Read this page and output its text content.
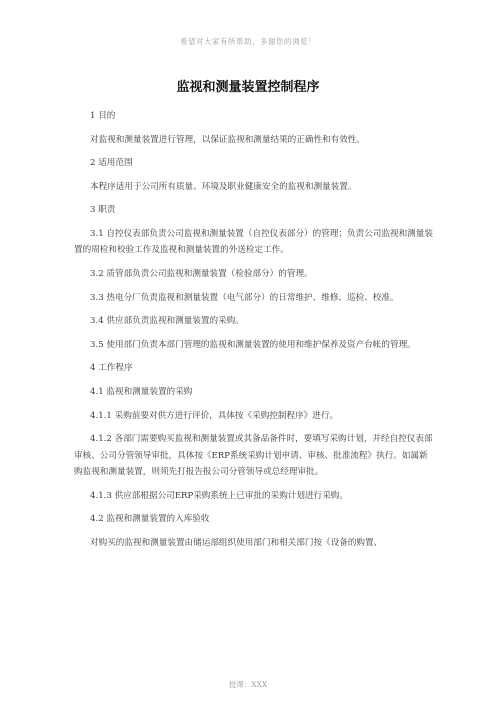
希望对大家有所帮助，多谢您的浏览！
监视和测量装置控制程序

1 目的

对监视和测量装置进行管理，以保证监视和测量结果的正确性和有效性。

2 适用范围

本程序适用于公司所有质量、环境及职业健康安全的监视和测量装置。

3 职责

3.1 自控仪表部负责公司监视和测量装置（自控仪表部分）的管理；负责公司监视和测量装置的周检和校验工作及监视和测量装置的外送检定工作。

3.2 质管部负责公司监视和测量装置（检验部分）的管理。

3.3 热电分厂负责监视和测量装置（电气部分）的日常维护、维修、巡检、校准。

3.4 供应部负责监视和测量装置的采购。

3.5 使用部门负责本部门管理的监视和测量装置的使用和维护保养及资产台帐的管理。

4 工作程序

4.1 监视和测量装置的采购

4.1.1 采购前要对供方进行评价，具体按《采购控制程序》进行。

4.1.2 各部门需要购买监视和测量装置或其备品备件时，要填写采购计划，并经自控仪表部审核、公司分管领导审批，具体按《ERP系统采购计划申请、审核、批准流程》执行。如属新购监视和测量装置，则须先打报告报公司分管领导或总经理审批。

4.1.3 供应部根据公司ERP采购系统上已审批的采购计划进行采购。

4.2 监视和测量装置的入库验收

对购买的监视和测量装置由储运部组织使用部门和相关部门按《设备的购置、

授课：XXX
